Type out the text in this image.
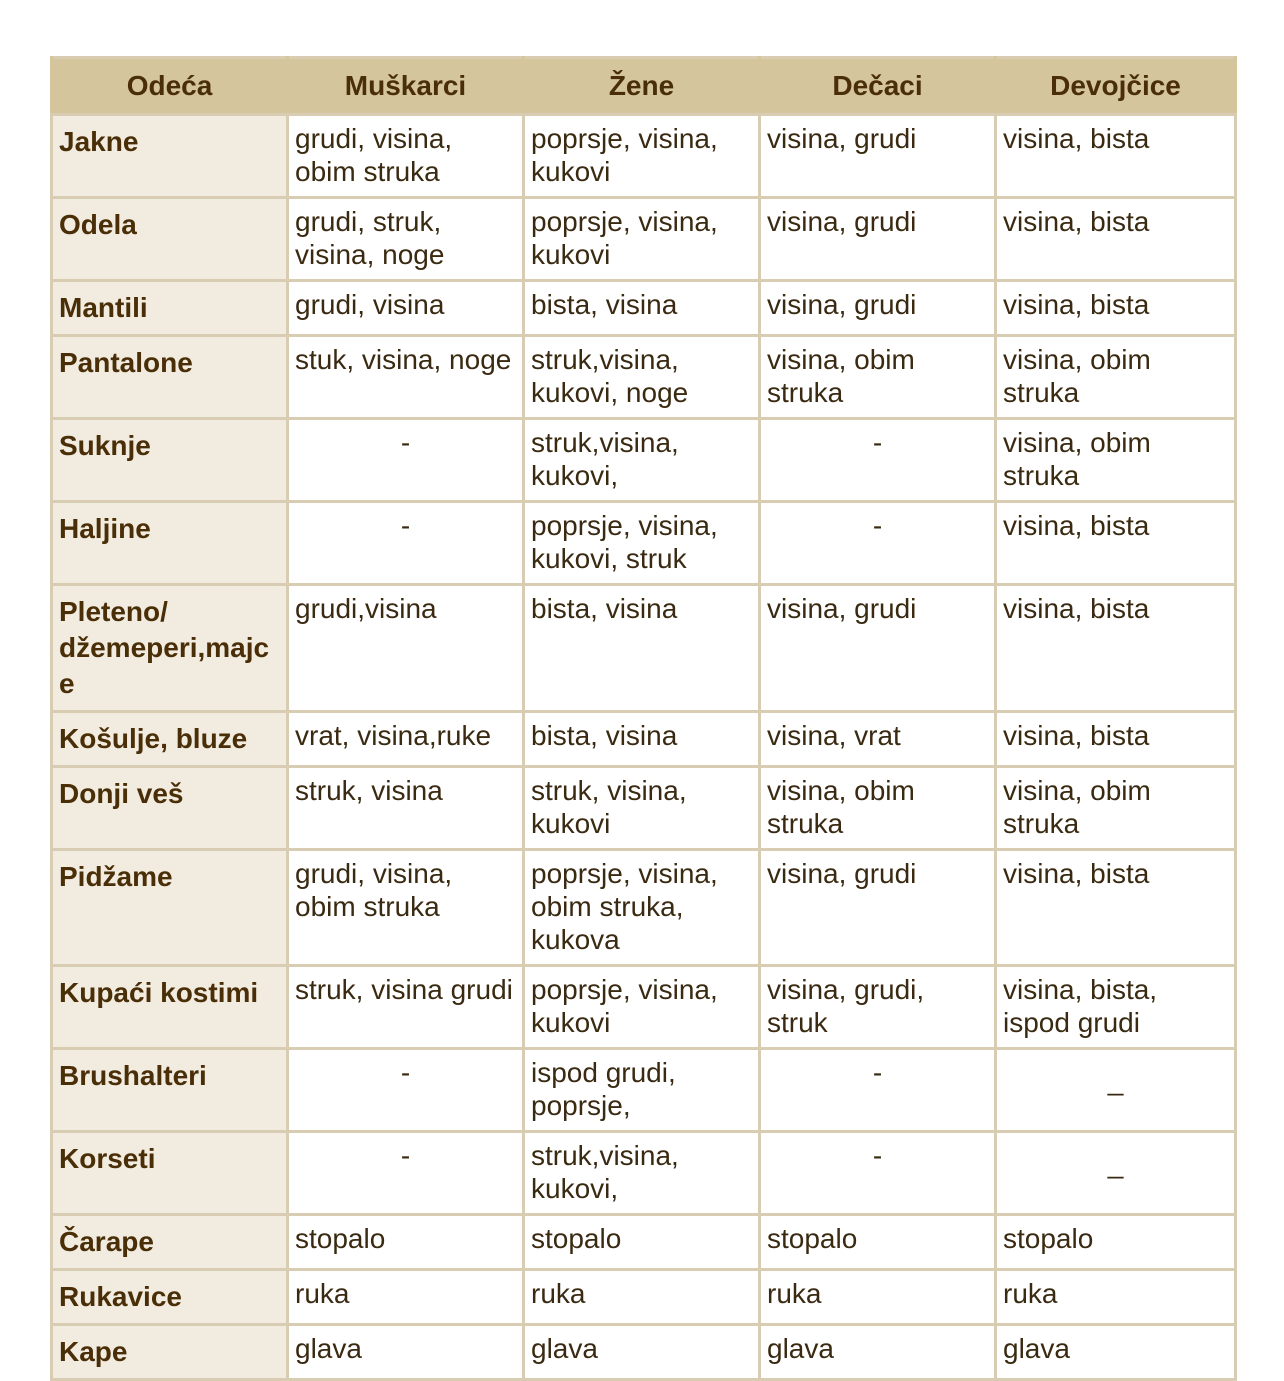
Odeća	Muškarci	Žene	Dečaci	Devojčice
Jakne	grudi, visina, obim struka	poprsje, visina, kukovi	visina, grudi	visina, bista
Odela	grudi, struk, visina, noge	poprsje, visina, kukovi	visina, grudi	visina, bista
Mantili	grudi, visina	bista, visina	visina, grudi	visina, bista
Pantalone	stuk, visina, noge	struk,visina, kukovi, noge	visina, obim struka	visina, obim struka
Suknje	-	struk,visina, kukovi,	-	visina, obim struka
Haljine	-	poprsje, visina, kukovi, struk	-	visina, bista
Pleteno/ džemeperi,majce	grudi,visina	bista, visina	visina, grudi	visina, bista
Košulje, bluze	vrat, visina,ruke	bista, visina	visina, vrat	visina, bista
Donji veš	struk, visina	struk, visina, kukovi	visina, obim struka	visina, obim struka
Pidžame	grudi, visina, obim struka	poprsje, visina, obim struka, kukova	visina, grudi	visina, bista
Kupaći kostimi	struk, visina grudi	poprsje, visina, kukovi	visina, grudi, struk	visina, bista, ispod grudi
Brushalteri	-	ispod grudi, poprsje,	-	_
Korseti	-	struk,visina, kukovi,	-	_
Čarape	stopalo	stopalo	stopalo	stopalo
Rukavice	ruka	ruka	ruka	ruka
Kape	glava	glava	glava	glava
